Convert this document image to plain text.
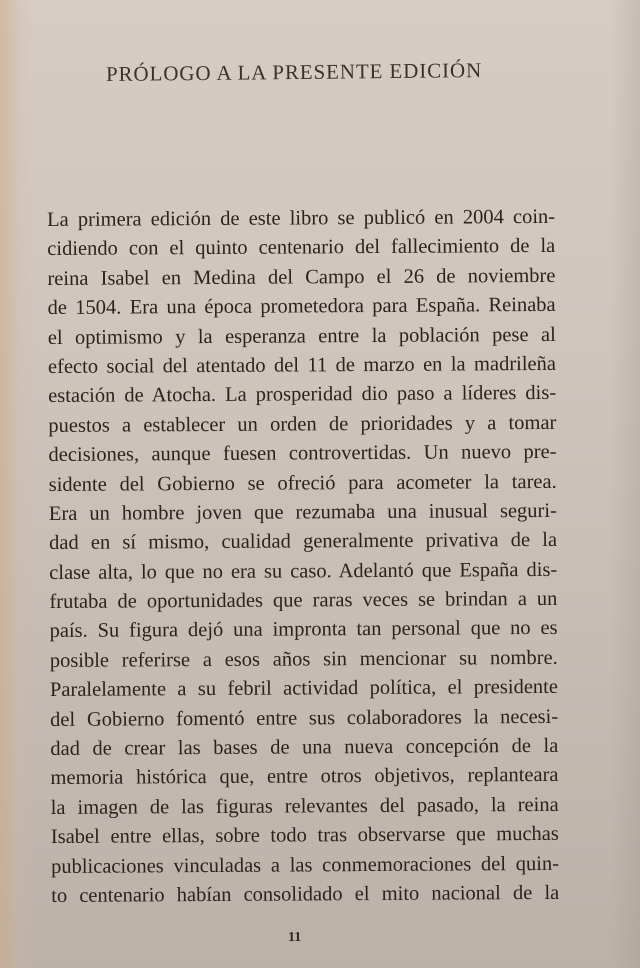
PRÓLOGO A LA PRESENTE EDICIÓN
La primera edición de este libro se publicó en 2004 coin-
cidiendo con el quinto centenario del fallecimiento de la
reina Isabel en Medina del Campo el 26 de noviembre
de 1504. Era una época prometedora para España. Reinaba
el optimismo y la esperanza entre la población pese al
efecto social del atentado del 11 de marzo en la madrileña
estación de Atocha. La prosperidad dio paso a líderes dis-
puestos a establecer un orden de prioridades y a tomar
decisiones, aunque fuesen controvertidas. Un nuevo pre-
sidente del Gobierno se ofreció para acometer la tarea.
Era un hombre joven que rezumaba una inusual seguri-
dad en sí mismo, cualidad generalmente privativa de la
clase alta, lo que no era su caso. Adelantó que España dis-
frutaba de oportunidades que raras veces se brindan a un
país. Su figura dejó una impronta tan personal que no es
posible referirse a esos años sin mencionar su nombre.
Paralelamente a su febril actividad política, el presidente
del Gobierno fomentó entre sus colaboradores la necesi-
dad de crear las bases de una nueva concepción de la
memoria histórica que, entre otros objetivos, replanteara
la imagen de las figuras relevantes del pasado, la reina
Isabel entre ellas, sobre todo tras observarse que muchas
publicaciones vinculadas a las conmemoraciones del quin-
to centenario habían consolidado el mito nacional de la
11
